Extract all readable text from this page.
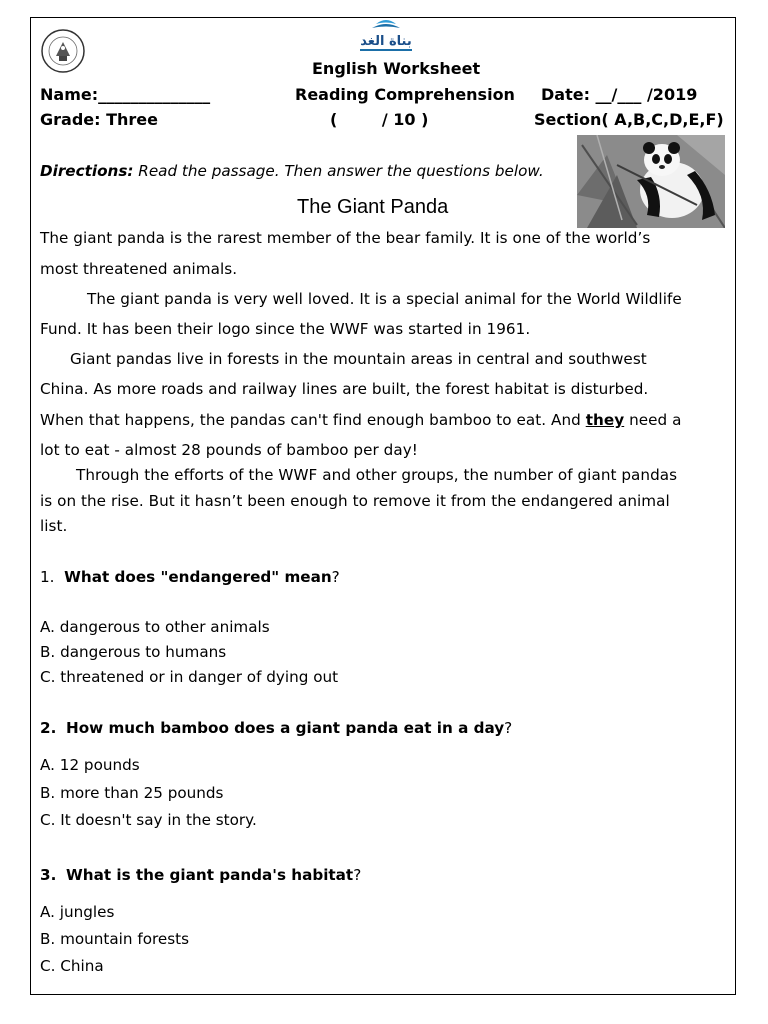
بناة الغد
English Worksheet
Name:______________	Reading Comprehension Date: __/___ /2019
Grade: Three	(        / 10 )	Section( A,B,C,D,E,F)
Directions: Read the passage. Then answer the questions below.
The Giant Panda
The giant panda is the rarest member of the bear family. It is one of the world’s
most threatened animals.
The giant panda is very well loved. It is a special animal for the World Wildlife
Fund. It has been their logo since the WWF was started in 1961.
Giant pandas live in forests in the mountain areas in central and southwest
China. As more roads and railway lines are built, the forest habitat is disturbed.
When that happens, the pandas can't find enough bamboo to eat. And they need a
lot to eat - almost 28 pounds of bamboo per day!
Through the efforts of the WWF and other groups, the number of giant pandas
is on the rise. But it hasn’t been enough to remove it from the endangered animal
list.
1. What does "endangered" mean?
A. dangerous to other animals
B. dangerous to humans
C. threatened or in danger of dying out
2. How much bamboo does a giant panda eat in a day?
A. 12 pounds
B. more than 25 pounds
C. It doesn't say in the story.
3. What is the giant panda's habitat?
A. jungles
B. mountain forests
C. China
